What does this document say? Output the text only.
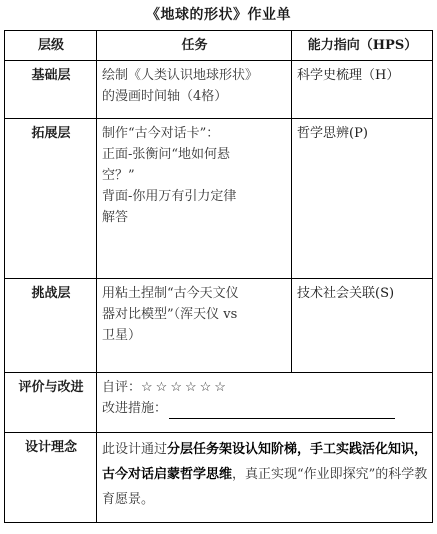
《地球的形状》作业单
层级	任务	能力指向（HPS）
基础层	绘制《人类认识地球形状》
的漫画时间轴（4格）	科学史梳理（H）
拓展层	制作“古今对话卡”：
正面-张衡问“地如何悬
空？”
背面-你用万有引力定律
解答	哲学思辨(P)
挑战层	用粘土捏制“古今天文仪
器对比模型”（浑天仪 vs
卫星）	技术社会关联(S)
评价与改进	自评：☆☆☆☆☆☆
改进措施：	

设计理念	此设计通过分层任务架设认知阶梯，手工实践活化知识，古今对话启蒙哲学思维，真正实现“作业即探究”的科学教育愿景。	
